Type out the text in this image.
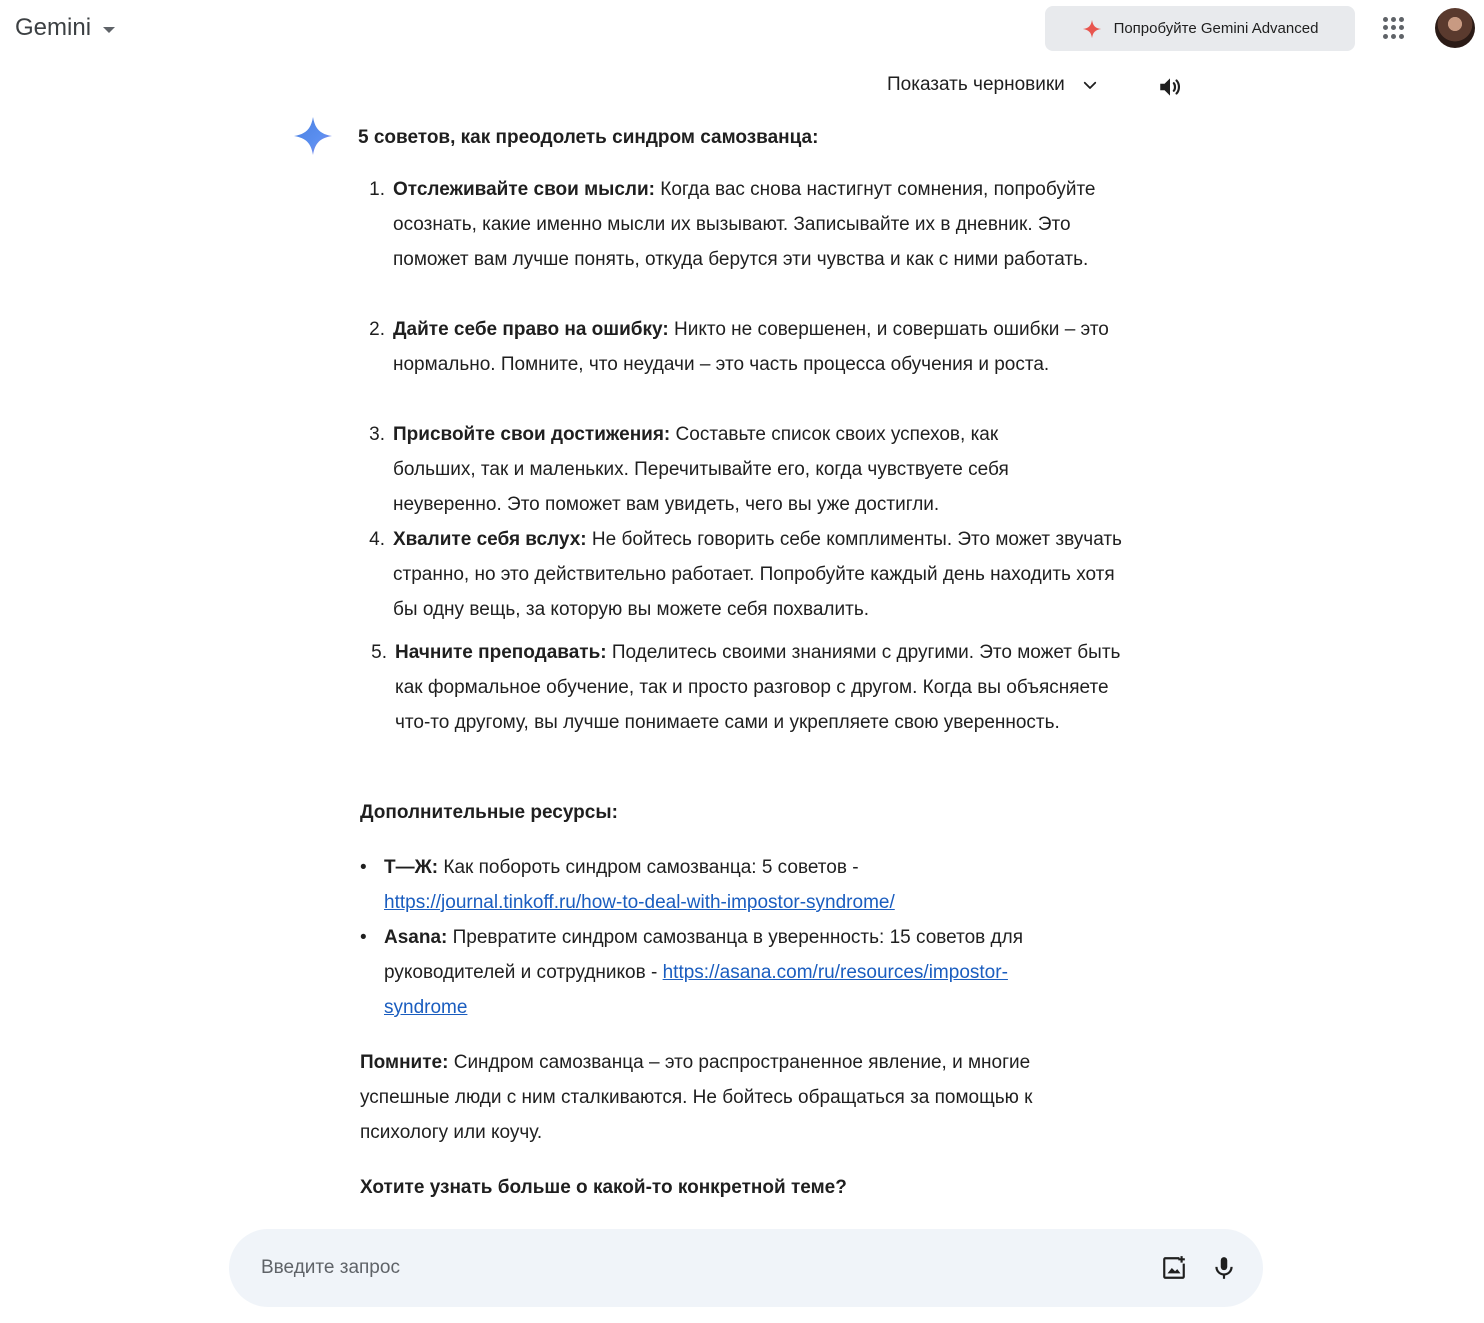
Gemini	Попробуйте Gemini Advanced
Показать черновики
5 советов, как преодолеть синдром самозванца:
1. Отслеживайте свои мысли: Когда вас снова настигнут сомнения, попробуйте осознать, какие именно мысли их вызывают. Записывайте их в дневник. Это поможет вам лучше понять, откуда берутся эти чувства и как с ними работать.
2. Дайте себе право на ошибку: Никто не совершенен, и совершать ошибки – это нормально. Помните, что неудачи – это часть процесса обучения и роста.
3. Присвойте свои достижения: Составьте список своих успехов, как больших, так и маленьких. Перечитывайте его, когда чувствуете себя неуверенно. Это поможет вам увидеть, чего вы уже достигли.
4. Хвалите себя вслух: Не бойтесь говорить себе комплименты. Это может звучать странно, но это действительно работает. Попробуйте каждый день находить хотя бы одну вещь, за которую вы можете себя похвалить.
5. Начните преподавать: Поделитесь своими знаниями с другими. Это может быть как формальное обучение, так и просто разговор с другом. Когда вы объясняете что-то другому, вы лучше понимаете сами и укрепляете свою уверенность.
Дополнительные ресурсы:
• Т—Ж: Как побороть синдром самозванца: 5 советов - https://journal.tinkoff.ru/how-to-deal-with-impostor-syndrome/
• Asana: Превратите синдром самозванца в уверенность: 15 советов для руководителей и сотрудников - https://asana.com/ru/resources/impostor-syndrome
Помните: Синдром самозванца – это распространенное явление, и многие успешные люди с ним сталкиваются. Не бойтесь обращаться за помощью к психологу или коучу.
Хотите узнать больше о какой-то конкретной теме?
Введите запрос
